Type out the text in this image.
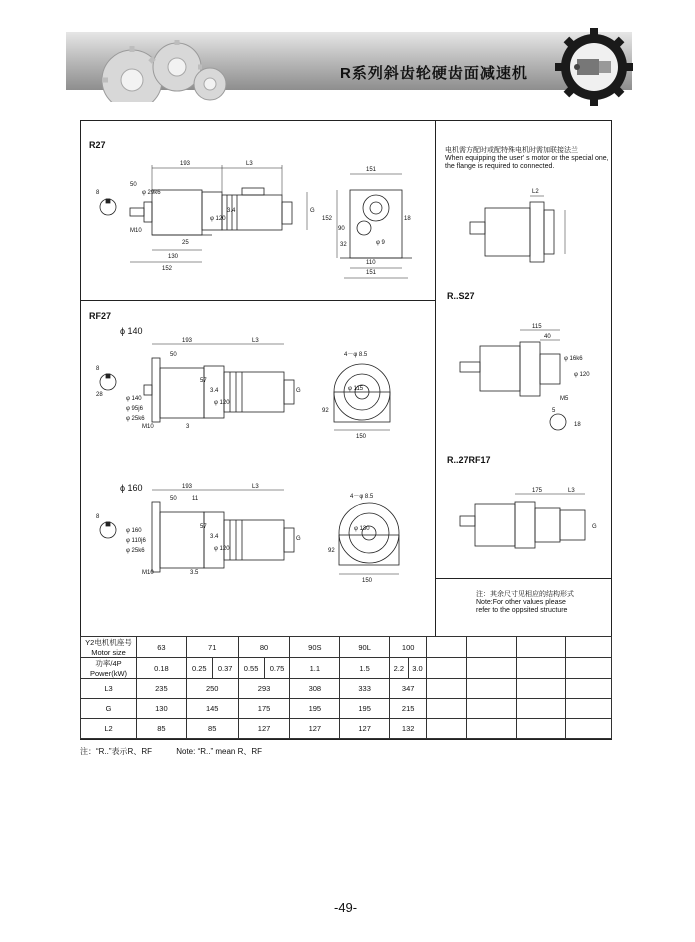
R系列斜齿轮硬齿面减速机
R27
193	L3
50
8	φ 29k6
25
M10
130
152
φ 120
3.4	G
151
152
90
18
32	φ 9
110
151
RF27
ϕ 140
ϕ 160
193	L3
50
8
57
3.4
φ 120
G
M10	3
φ 140
φ 95j6
φ 25k6
28
4－φ 8.5
φ 115
92
150
193	L3
50	11
8
φ 160
φ 110j6
φ 25k6
57
3.4
φ 120
G
M10	3.5
4－φ 8.5
φ 130
92
150
电机需方配时或配特殊电机时需加联接法兰
When equipping the user' s motor or the special one, the flange is required to connected.
L2
R..S27
115
40
φ 16k6
φ 120
M5
5
18
R..27RF17
175	L3
G
注：其余尺寸见相应的结构形式
Note:For other values please
refer to the oppsited structure
Y2电机机座号
Motor size	63	71		80		90S	90L	100					

功率/4P
Power(kW)	0.18	0.25	0.37	0.55	0.75	1.1	1.5	2.2	3.0				
L3	235	250		293		308	333	347					
G	130	145		175		195	195	215					
L2	85	85		127		127	127	132					
注：“R..”表示R、RF	Note: “R..” mean R、RF
-49-
